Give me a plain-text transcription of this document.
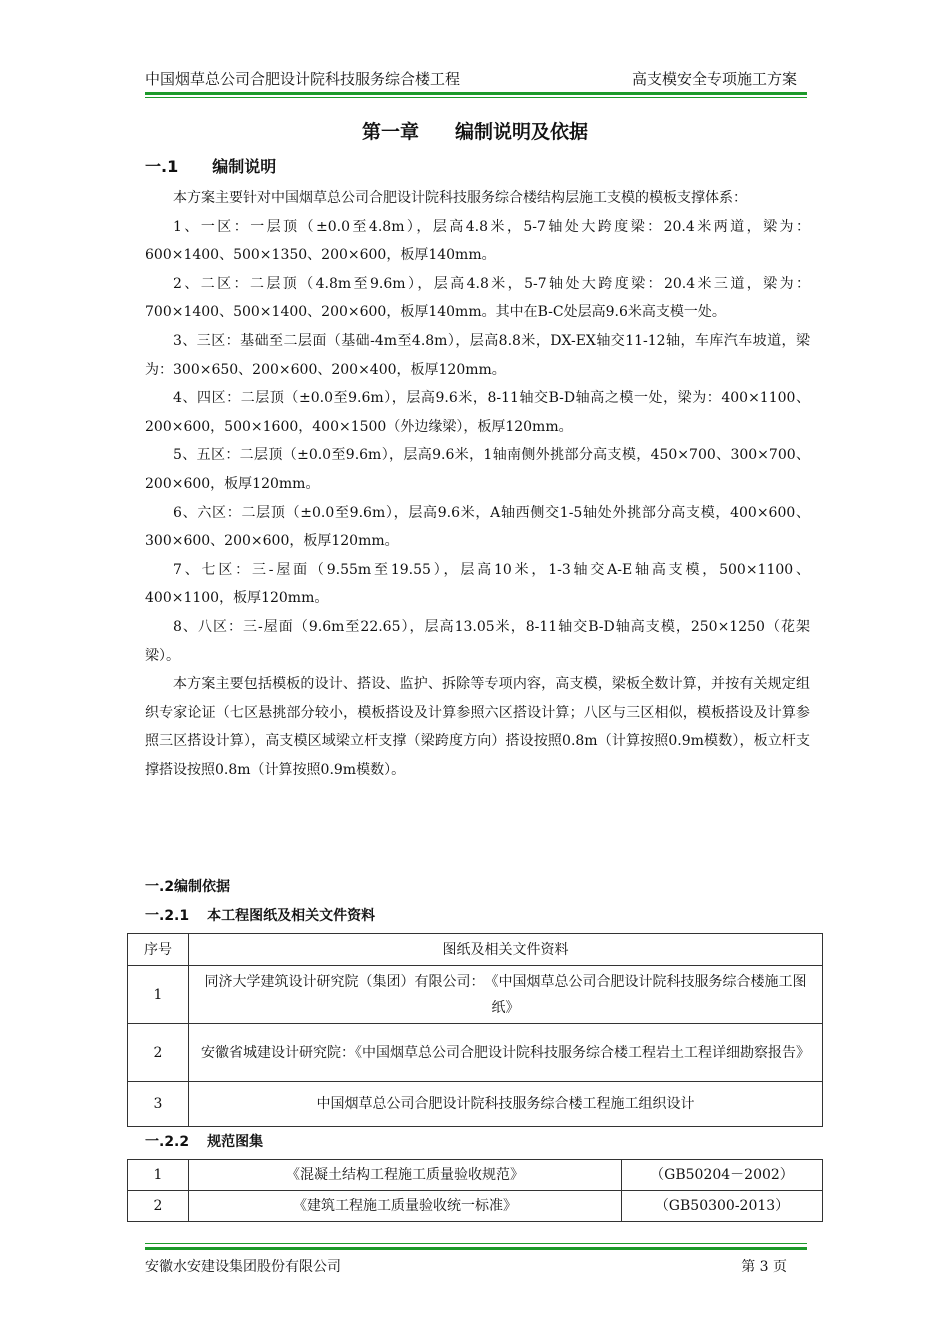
中国烟草总公司合肥设计院科技服务综合楼工程	高支模安全专项施工方案
第一章 编制说明及依据
一.1 编制说明

本方案主要针对中国烟草总公司合肥设计院科技服务综合楼结构层施工支模的模板支撑体系：

1、一区：一层顶（±0.0至4.8m），层高4.8米，5-7轴处大跨度梁：20.4米两道，梁为：600×1400、500×1350、200×600，板厚140mm。

2、二区：二层顶（4.8m至9.6m），层高4.8米，5-7轴处大跨度梁：20.4米三道，梁为：700×1400、500×1400、200×600，板厚140mm。其中在B-C处层高9.6米高支模一处。

3、三区：基础至二层面（基础-4m至4.8m），层高8.8米，DX-EX轴交11-12轴，车库汽车坡道，梁为：300×650、200×600、200×400，板厚120mm。

4、四区：二层顶（±0.0至9.6m），层高9.6米，8-11轴交B-D轴高之模一处，梁为：400×1100、200×600，500×1600，400×1500（外边缘梁），板厚120mm。

5、五区：二层顶（±0.0至9.6m），层高9.6米，1轴南侧外挑部分高支模，450×700、300×700、200×600，板厚120mm。

6、六区：二层顶（±0.0至9.6m），层高9.6米，A轴西侧交1-5轴处外挑部分高支模，400×600、300×600、200×600，板厚120mm。

7、七区：三-屋面（9.55m至19.55），层高10米，1-3轴交A-E轴高支模，500×1100、400×1100，板厚120mm。

8、八区：三-屋面（9.6m至22.65），层高13.05米，8-11轴交B-D轴高支模，250×1250（花架梁）。

本方案主要包括模板的设计、搭设、监护、拆除等专项内容，高支模，梁板全数计算，并按有关规定组织专家论证（七区悬挑部分较小，模板搭设及计算参照六区搭设计算；八区与三区相似，模板搭设及计算参照三区搭设计算），高支模区域梁立杆支撑（梁跨度方向）搭设按照0.8m（计算按照0.9m模数），板立杆支撑搭设按照0.8m（计算按照0.9m模数）。

一.2编制依据
一.2.1 本工程图纸及相关文件资料
序号	图纸及相关文件资料
1	同济大学建筑设计研究院（集团）有限公司：　《中国烟草总公司合肥设计院科技服务综合楼施工图纸》
2	安徽省城建设计研究院：《中国烟草总公司合肥设计院科技服务综合楼工程岩土工程详细勘察报告》
3	中国烟草总公司合肥设计院科技服务综合楼工程施工组织设计
一.2.2 规范图集
1	《混凝土结构工程施工质量验收规范》	（GB50204－2002）
2	《建筑工程施工质量验收统一标准》	（GB50300-2013）
安徽水安建设集团股份有限公司	第 3 页
